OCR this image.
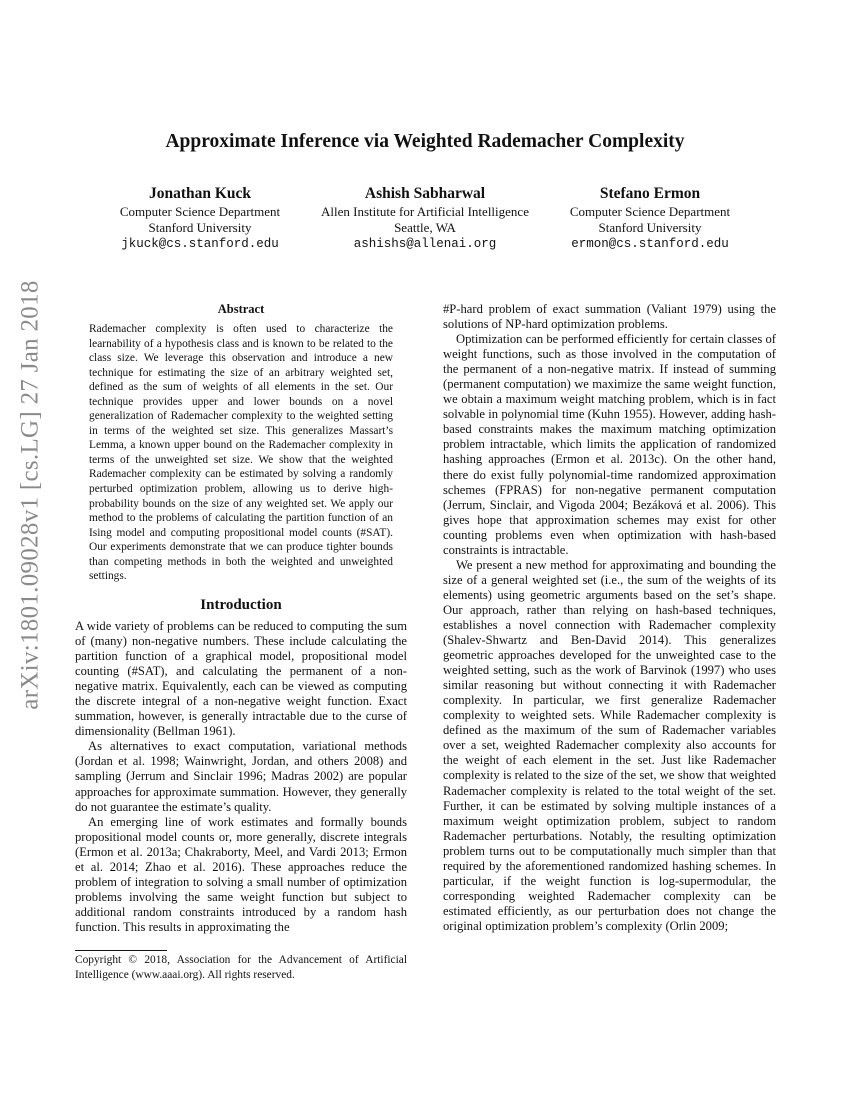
arXiv:1801.09028v1 [cs.LG] 27 Jan 2018
Approximate Inference via Weighted Rademacher Complexity
Jonathan Kuck
Computer Science Department
Stanford University
jkuck@cs.stanford.edu
Ashish Sabharwal
Allen Institute for Artificial Intelligence
Seattle, WA
ashishs@allenai.org
Stefano Ermon
Computer Science Department
Stanford University
ermon@cs.stanford.edu
Abstract

Rademacher complexity is often used to characterize the learnability of a hypothesis class and is known to be related to the class size. We leverage this observation and introduce a new technique for estimating the size of an arbitrary weighted set, defined as the sum of weights of all elements in the set. Our technique provides upper and lower bounds on a novel generalization of Rademacher complexity to the weighted setting in terms of the weighted set size. This generalizes Massart’s Lemma, a known upper bound on the Rademacher complexity in terms of the unweighted set size. We show that the weighted Rademacher complexity can be estimated by solving a randomly perturbed optimization problem, allowing us to derive high-probability bounds on the size of any weighted set. We apply our method to the problems of calculating the partition function of an Ising model and computing propositional model counts (#SAT). Our experiments demonstrate that we can produce tighter bounds than competing methods in both the weighted and unweighted settings.

Introduction

A wide variety of problems can be reduced to computing the sum of (many) non-negative numbers. These include calculating the partition function of a graphical model, propositional model counting (#SAT), and calculating the permanent of a non-negative matrix. Equivalently, each can be viewed as computing the discrete integral of a non-negative weight function. Exact summation, however, is generally intractable due to the curse of dimensionality (Bellman 1961).

As alternatives to exact computation, variational methods (Jordan et al. 1998; Wainwright, Jordan, and others 2008) and sampling (Jerrum and Sinclair 1996; Madras 2002) are popular approaches for approximate summation. However, they generally do not guarantee the estimate’s quality.

An emerging line of work estimates and formally bounds propositional model counts or, more generally, discrete integrals (Ermon et al. 2013a; Chakraborty, Meel, and Vardi 2013; Ermon et al. 2014; Zhao et al. 2016). These approaches reduce the problem of integration to solving a small number of optimization problems involving the same weight function but subject to additional random constraints introduced by a random hash function. This results in approximating the

Copyright © 2018, Association for the Advancement of Artificial Intelligence (www.aaai.org). All rights reserved.

#P-hard problem of exact summation (Valiant 1979) using the solutions of NP-hard optimization problems.

Optimization can be performed efficiently for certain classes of weight functions, such as those involved in the computation of the permanent of a non-negative matrix. If instead of summing (permanent computation) we maximize the same weight function, we obtain a maximum weight matching problem, which is in fact solvable in polynomial time (Kuhn 1955). However, adding hash-based constraints makes the maximum matching optimization problem intractable, which limits the application of randomized hashing approaches (Ermon et al. 2013c). On the other hand, there do exist fully polynomial-time randomized approximation schemes (FPRAS) for non-negative permanent computation (Jerrum, Sinclair, and Vigoda 2004; Bezáková et al. 2006). This gives hope that approximation schemes may exist for other counting problems even when optimization with hash-based constraints is intractable.

We present a new method for approximating and bounding the size of a general weighted set (i.e., the sum of the weights of its elements) using geometric arguments based on the set’s shape. Our approach, rather than relying on hash-based techniques, establishes a novel connection with Rademacher complexity (Shalev-Shwartz and Ben-David 2014). This generalizes geometric approaches developed for the unweighted case to the weighted setting, such as the work of Barvinok (1997) who uses similar reasoning but without connecting it with Rademacher complexity. In particular, we first generalize Rademacher complexity to weighted sets. While Rademacher complexity is defined as the maximum of the sum of Rademacher variables over a set, weighted Rademacher complexity also accounts for the weight of each element in the set. Just like Rademacher complexity is related to the size of the set, we show that weighted Rademacher complexity is related to the total weight of the set. Further, it can be estimated by solving multiple instances of a maximum weight optimization problem, subject to random Rademacher perturbations. Notably, the resulting optimization problem turns out to be computationally much simpler than that required by the aforementioned randomized hashing schemes. In particular, if the weight function is log-supermodular, the corresponding weighted Rademacher complexity can be estimated efficiently, as our perturbation does not change the original optimization problem’s complexity (Orlin 2009;
